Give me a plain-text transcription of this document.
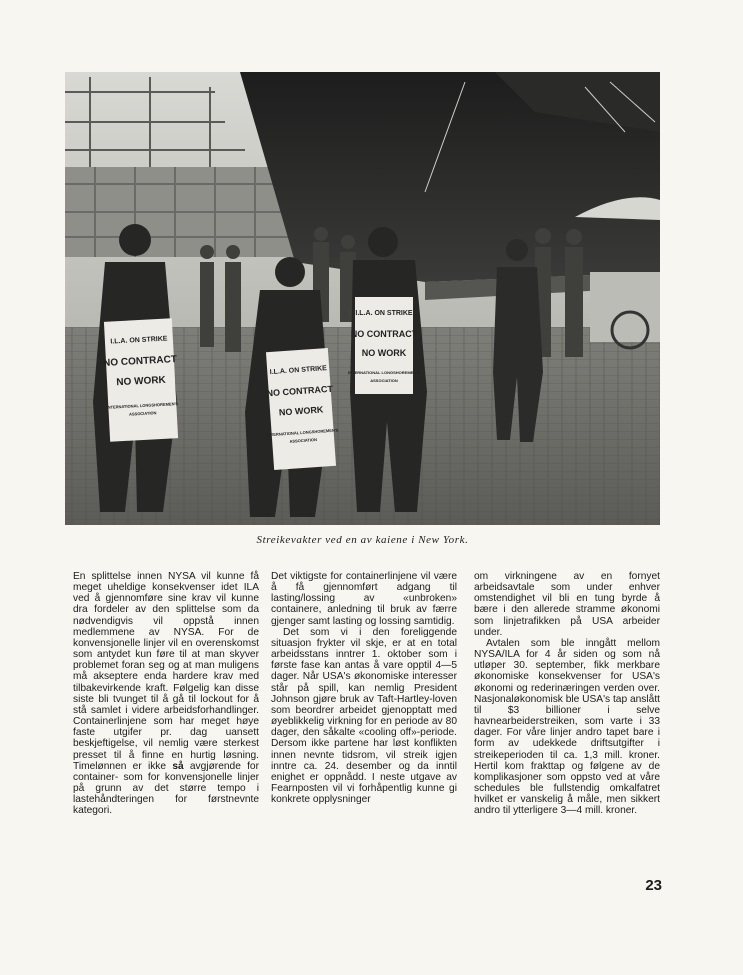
I.L.A. ON STRIKE
NO CONTRACT
NO WORK
INTERNATIONAL LONGSHOREMEN'S
ASSOCIATION
I.L.A. ON STRIKE
NO CONTRACT
NO WORK
INTERNATIONAL LONGSHOREMEN'S
ASSOCIATION
I.L.A. ON STRIKE
NO CONTRACT
NO WORK
INTERNATIONAL LONGSHOREMEN'S
ASSOCIATION
Streikevakter ved en av kaiene i New York.

En splittelse innen NYSA vil kunne få meget uheldige konsekvenser idet ILA ved å gjennomføre sine krav vil kunne dra fordeler av den splittelse som da nødvendigvis vil oppstå innen medlemmene av NYSA. For de konvensjonelle linjer vil en overenskomst som antydet kun føre til at man skyver problemet foran seg og at man muligens må akseptere enda hardere krav med tilbakevirkende kraft. Følgelig kan disse siste bli tvunget til å gå til lockout for å stå samlet i videre arbeidsforhandlinger. Containerlinjene som har meget høye faste utgifer pr. dag uansett beskjeftigelse, vil nemlig være sterkest presset til å finne en hurtig løsning. Timelønnen er ikke så avgjørende for container- som for konvensjonelle linjer på grunn av det større tempo i lastehåndteringen for førstnevnte kategori.

Det viktigste for containerlinjene vil være å få gjennomført adgang til lasting/lossing av «unbroken» containere, anledning til bruk av færre gjenger samt lasting og lossing samtidig.

Det som vi i den foreliggende situasjon frykter vil skje, er at en total arbeidsstans inntrer 1. oktober som i første fase kan antas å vare opptil 4—5 dager. Når USA's økonomiske interesser står på spill, kan nemlig President Johnson gjøre bruk av Taft-Hartley-loven som beordrer arbeidet gjenopptatt med øyeblikkelig virkning for en periode av 80 dager, den såkalte «cooling off»-periode. Dersom ikke partene har løst konflikten innen nevnte tidsrom, vil streik igjen inntre ca. 24. desember og da inntil enighet er oppnådd. I neste utgave av Fearnposten vil vi forhåpentlig kunne gi konkrete opplysninger

om virkningene av en fornyet arbeidsavtale som under enhver omstendighet vil bli en tung byrde å bære i den allerede stramme økonomi som linjetrafikken på USA arbeider under.

Avtalen som ble inngått mellom NYSA/ILA for 4 år siden og som nå utløper 30. september, fikk merkbare økonomiske konsekvenser for USA's økonomi og rederinæringen verden over. Nasjonaløkonomisk ble USA's tap anslått til $3 billioner i selve havnearbeiderstreiken, som varte i 33 dager. For våre linjer andro tapet bare i form av udekkede driftsutgifter i streikeperioden til ca. 1,3 mill. kroner. Hertil kom frakttap og følgene av de komplikasjoner som oppsto ved at våre schedules ble fullstendig omkalfatret hvilket er vanskelig å måle, men sikkert andro til ytterligere 3—4 mill. kroner.

23
